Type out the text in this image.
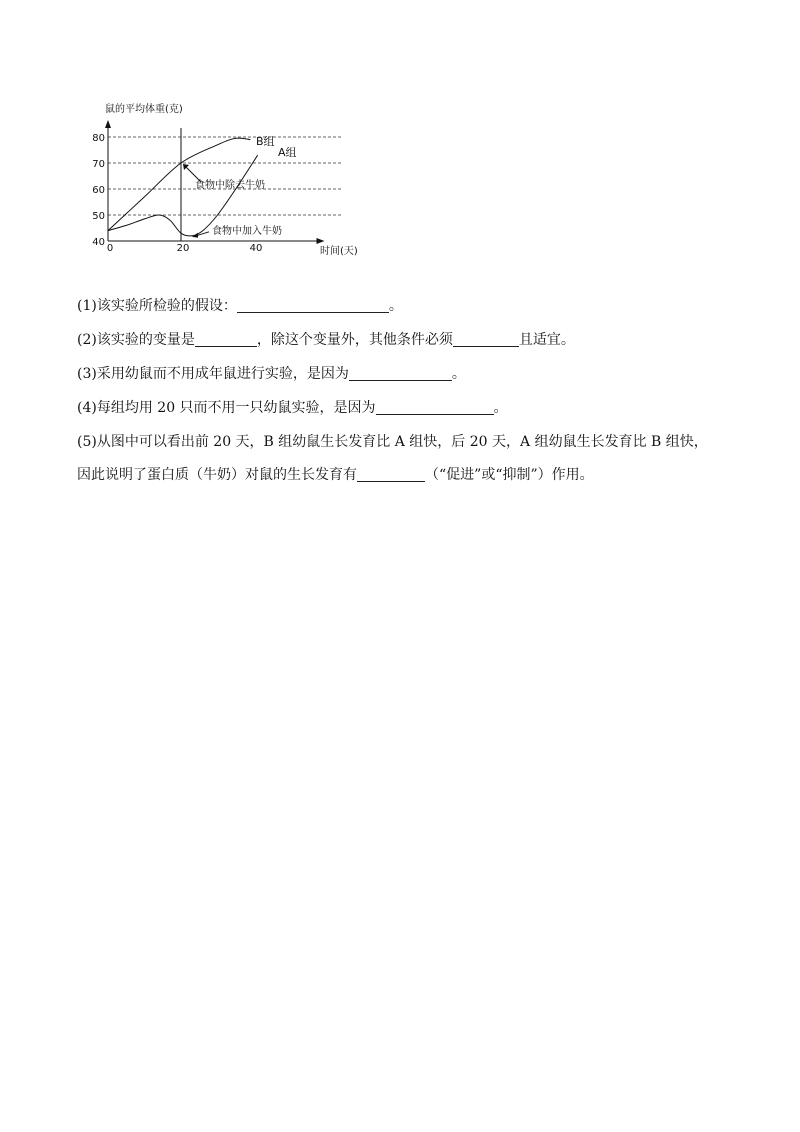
40
50
60
70
80
0	20	40
B组
A组
食物中除去牛奶
食物中加入牛奶
鼠的平均体重(克)
时间(天)
(1)该实验所检验的假设：	。
(2)该实验的变量是	，除这个变量外，其他条件必须	且适宜。
(3)采用幼鼠而不用成年鼠进行实验，是因为	。
(4)每组均用 20 只而不用一只幼鼠实验，是因为	。
(5)从图中可以看出前 20 天，B 组幼鼠生长发育比 A 组快，后 20 天，A 组幼鼠生长发育比 B 组快，
因此说明了蛋白质（牛奶）对鼠的生长发育有	（“促进”或“抑制”）作用。
